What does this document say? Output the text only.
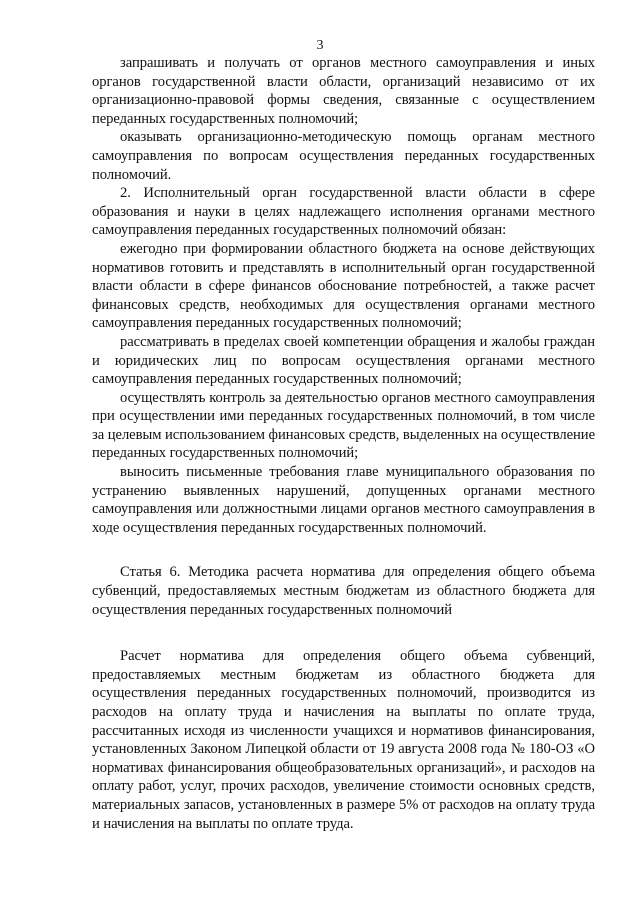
3

запрашивать и получать от органов местного самоуправления и иных органов государственной власти области, организаций независимо от их организационно-правовой формы сведения, связанные с осуществлением переданных государственных полномочий;

оказывать организационно-методическую помощь органам местного самоуправления по вопросам осуществления переданных государственных полномочий.

2. Исполнительный орган государственной власти области в сфере образования и науки в целях надлежащего исполнения органами местного самоуправления переданных государственных полномочий обязан:

ежегодно при формировании областного бюджета на основе действующих нормативов готовить и представлять в исполнительный орган государственной власти области в сфере финансов обоснование потребностей, а также расчет финансовых средств, необходимых для осуществления органами местного самоуправления переданных государственных полномочий;

рассматривать в пределах своей компетенции обращения и жалобы граждан и юридических лиц по вопросам осуществления органами местного самоуправления переданных государственных полномочий;

осуществлять контроль за деятельностью органов местного самоуправления при осуществлении ими переданных государственных полномочий, в том числе за целевым использованием финансовых средств, выделенных на осуществление переданных государственных полномочий;

выносить письменные требования главе муниципального образования по устранению выявленных нарушений, допущенных органами местного самоуправления или должностными лицами органов местного самоуправления в ходе осуществления переданных государственных полномочий.

Статья 6. Методика расчета норматива для определения общего объема субвенций, предоставляемых местным бюджетам из областного бюджета для осуществления переданных государственных полномочий

Расчет норматива для определения общего объема субвенций, предоставляемых местным бюджетам из областного бюджета для осуществления переданных государственных полномочий, производится из расходов на оплату труда и начисления на выплаты по оплате труда, рассчитанных исходя из численности учащихся и нормативов финансирования, установленных Законом Липецкой области от 19 августа 2008 года № 180-ОЗ «О нормативах финансирования общеобразовательных организаций», и расходов на оплату работ, услуг, прочих расходов, увеличение стоимости основных средств, материальных запасов, установленных в размере 5% от расходов на оплату труда и начисления на выплаты по оплате труда.
